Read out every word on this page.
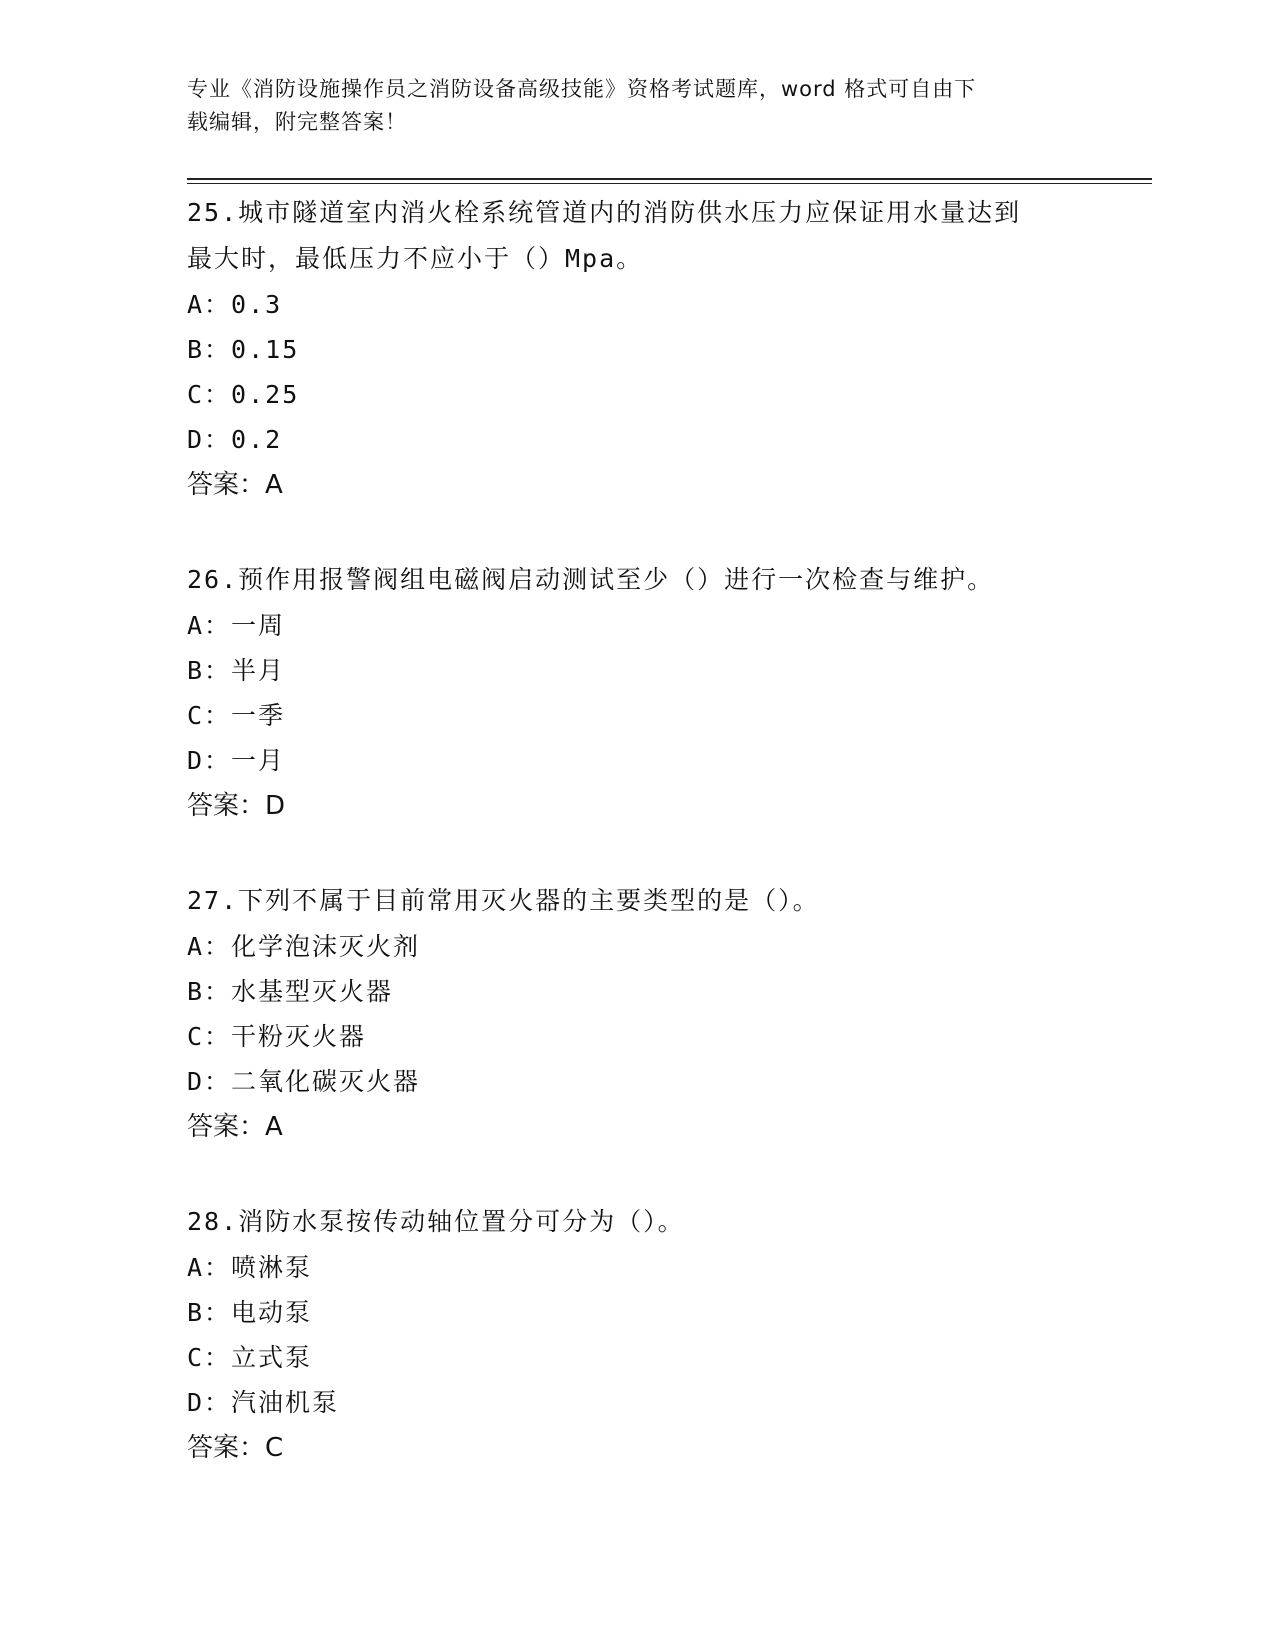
专业《消防设施操作员之消防设备高级技能》资格考试题库，word 格式可自由下
载编辑，附完整答案！
25.城市隧道室内消火栓系统管道内的消防供水压力应保证用水量达到
最大时，最低压力不应小于（）Mpa。
A：0.3
B：0.15
C：0.25
D：0.2
答案：A
26.预作用报警阀组电磁阀启动测试至少（）进行一次检查与维护。
A：一周
B：半月
C：一季
D：一月
答案：D
27.下列不属于目前常用灭火器的主要类型的是（）。
A：化学泡沫灭火剂
B：水基型灭火器
C：干粉灭火器
D：二氧化碳灭火器
答案：A
28.消防水泵按传动轴位置分可分为（）。
A：喷淋泵
B：电动泵
C：立式泵
D：汽油机泵
答案：C
